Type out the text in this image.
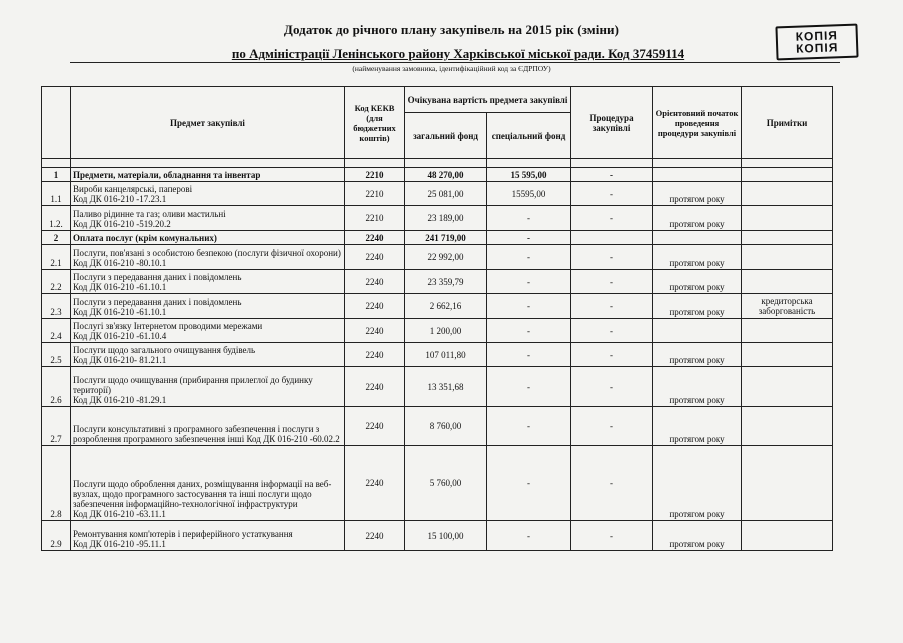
Додаток до річного плану закупівель на 2015 рік (зміни)
по Адміністрації Ленінського району Харківської міської ради. Код 37459114
(найменування замовника, ідентифікаційний код за ЄДРПОУ)
КОПІЯ
КОПІЯ
	Предмет закупівлі	Код КЕКВ (для бюджетних коштів)	Очікувана вартість предмета закупівлі		Процедура закупівлі	Орієнтовний початок проведення процедури закупівлі	Примітки
			загальний фонд	спеціальний фонд			

1	Предмети, матеріали, обладнання та інвентар	2210	48 270,00	15 595,00	-		
1.1	Вироби канцелярські, паперові
Код ДК 016-210 -17.23.1	2210	25 081,00	15595,00	-	протягом року	
1.2.	Паливо рідинне та газ; оливи мастильні
Код ДК 016-210 -519.20.2	2210	23 189,00	-	-	протягом року	
2	Оплата послуг (крім комунальних)	2240	241 719,00	-			
2.1	Послуги, пов'язані з особистою безпекою (послуги фізичної охорони) Код ДК 016-210 -80.10.1	2240	22 992,00	-	-	протягом року	
2.2	Послуги з передавання даних і повідомлень
Код ДК 016-210 -61.10.1	2240	23 359,79	-	-	протягом року	
2.3	Послуги з передавання даних і повідомлень
Код ДК 016-210 -61.10.1	2240	2 662,16	-	-	протягом року	кредиторська заборгованість
2.4	Послугі зв'язку Інтернетом проводими мережами
Код ДК 016-210 -61.10.4	2240	1 200,00	-	-		
2.5	Послуги щодо загального очищування будівель
Код ДК 016-210- 81.21.1	2240	107 011,80	-	-	протягом року	
2.6	Послуги щодо очищування (прибирання прилеглої до будинку території)
Код ДК 016-210 -81.29.1	2240	13 351,68	-	-	протягом року	
2.7	Послуги консультативні з програмного забезпечення і послуги з розроблення програмного забезпечення інші Код ДК 016-210 -60.02.2	2240	8 760,00	-	-	протягом року	
2.8	Послуги щодо оброблення даних, розміщування інформації на веб-вузлах, щодо програмного застосування та інші послуги щодо забезпечення інформаційно-технологічної інфраструктури
Код ДК 016-210 -63.11.1	2240	5 760,00	-	-	протягом року	
2.9	Ремонтування комп'ютерів і периферійного устаткування
Код ДК 016-210 -95.11.1	2240	15 100,00	-	-	протягом року	
